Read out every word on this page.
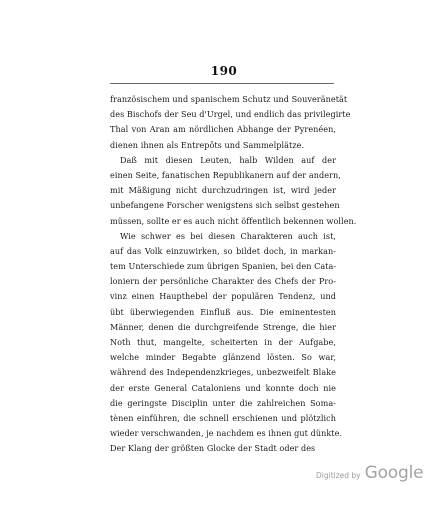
190
französischem und spanischem Schutz und Souveränetät
des Bischofs der Seu d'Urgel, und endlich das privilegirte
Thal von Aran am nördlichen Abhange der Pyrenéen,
dienen ihnen als Entrepôts und Sammelplätze.
Daß mit diesen Leuten, halb Wilden auf der
einen Seite, fanatischen Republikanern auf der andern,
mit Mäßigung nicht durchzudringen ist, wird jeder
unbefangene Forscher wenigstens sich selbst gestehen
müssen, sollte er es auch nicht öffentlich bekennen wollen.
Wie schwer es bei diesen Charakteren auch ist,
auf das Volk einzuwirken, so bildet doch, in markan-
tem Unterschiede zum übrigen Spanien, bei den Cata-
loniern der persönliche Charakter des Chefs der Pro-
vinz einen Haupthebel der populären Tendenz, und
übt überwiegenden Einfluß aus. Die eminentesten
Männer, denen die durchgreifende Strenge, die hier
Noth thut, mangelte, scheiterten in der Aufgabe,
welche minder Begabte glänzend lösten. So war,
während des Independenzkrieges, unbezweifelt Blake
der erste General Cataloniens und konnte doch nie
die geringste Disciplin unter die zahlreichen Soma-
tènen einführen, die schnell erschienen und plötzlich
wieder verschwanden, je nachdem es ihnen gut dünkte.
Der Klang der größten Glocke der Stadt oder des
Digitized by Google
